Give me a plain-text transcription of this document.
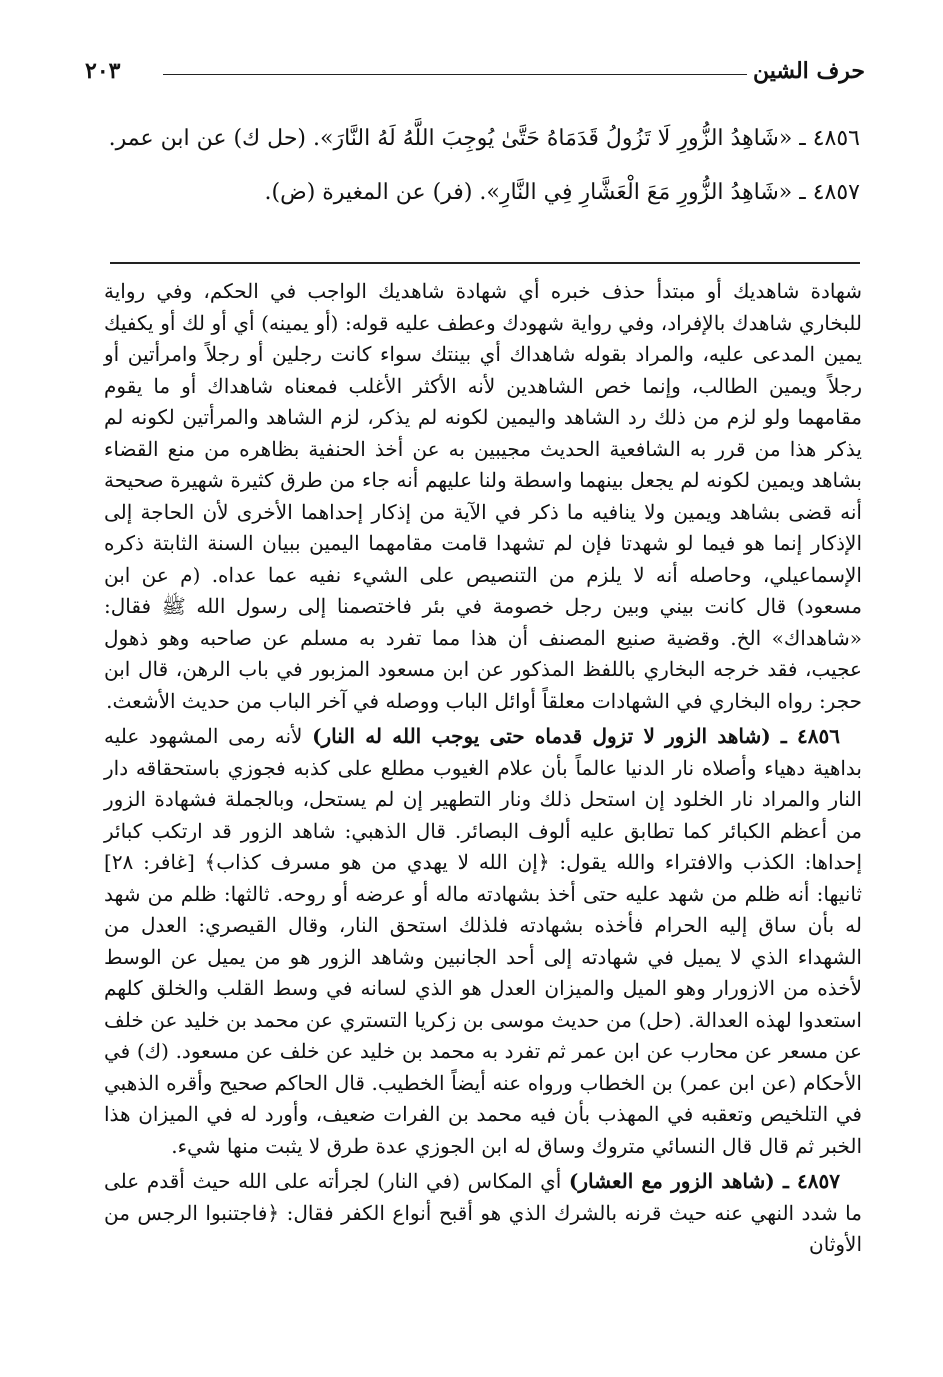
حرف الشين
٢٠٣

٤٨٥٦ ـ «شَاهِدُ الزُّورِ لَا تَزُولُ قَدَمَاهُ حَتَّىٰ يُوجِبَ اللَّهُ لَهُ النَّارَ». (حل ك) عن ابن عمر.

٤٨٥٧ ـ «شَاهِدُ الزُّورِ مَعَ الْعَشَّارِ فِي النَّارِ». (فر) عن المغيرة (ض).

شهادة شاهديك أو مبتدأ حذف خبره أي شهادة شاهديك الواجب في الحكم، وفي رواية للبخاري شاهدك بالإفراد، وفي رواية شهودك وعطف عليه قوله: (أو يمينه) أي أو لك أو يكفيك يمين المدعى عليه، والمراد بقوله شاهداك أي بينتك سواء كانت رجلين أو رجلاً وامرأتين أو رجلاً ويمين الطالب، وإنما خص الشاهدين لأنه الأكثر الأغلب فمعناه شاهداك أو ما يقوم مقامهما ولو لزم من ذلك رد الشاهد واليمين لكونه لم يذكر، لزم الشاهد والمرأتين لكونه لم يذكر هذا من قرر به الشافعية الحديث مجيبين به عن أخذ الحنفية بظاهره من منع القضاء بشاهد ويمين لكونه لم يجعل بينهما واسطة ولنا عليهم أنه جاء من طرق كثيرة شهيرة صحيحة أنه قضى بشاهد ويمين ولا ينافيه ما ذكر في الآية من إذكار إحداهما الأخرى لأن الحاجة إلى الإذكار إنما هو فيما لو شهدتا فإن لم تشهدا قامت مقامهما اليمين ببيان السنة الثابتة ذكره الإسماعيلي، وحاصله أنه لا يلزم من التنصيص على الشيء نفيه عما عداه. (م عن ابن مسعود) قال كانت بيني وبين رجل خصومة في بئر فاختصمنا إلى رسول الله ﷺ فقال: «شاهداك» الخ. وقضية صنيع المصنف أن هذا مما تفرد به مسلم عن صاحبه وهو ذهول عجيب، فقد خرجه البخاري باللفظ المذكور عن ابن مسعود المزبور في باب الرهن، قال ابن حجر: رواه البخاري في الشهادات معلقاً أوائل الباب ووصله في آخر الباب من حديث الأشعث.

٤٨٥٦ ـ (شاهد الزور لا تزول قدماه حتى يوجب الله له النار) لأنه رمى المشهود عليه بداهية دهياء وأصلاه نار الدنيا عالماً بأن علام الغيوب مطلع على كذبه فجوزي باستحقاقه دار النار والمراد نار الخلود إن استحل ذلك ونار التطهير إن لم يستحل، وبالجملة فشهادة الزور من أعظم الكبائر كما تطابق عليه ألوف البصائر. قال الذهبي: شاهد الزور قد ارتكب كبائر إحداها: الكذب والافتراء والله يقول: ﴿إن الله لا يهدي من هو مسرف كذاب﴾ [غافر: ٢٨] ثانيها: أنه ظلم من شهد عليه حتى أخذ بشهادته ماله أو عرضه أو روحه. ثالثها: ظلم من شهد له بأن ساق إليه الحرام فأخذه بشهادته فلذلك استحق النار، وقال القيصري: العدل من الشهداء الذي لا يميل في شهادته إلى أحد الجانبين وشاهد الزور هو من يميل عن الوسط لأخذه من الازورار وهو الميل والميزان العدل هو الذي لسانه في وسط القلب والخلق كلهم استعدوا لهذه العدالة. (حل) من حديث موسى بن زكريا التستري عن محمد بن خليد عن خلف عن مسعر عن محارب عن ابن عمر ثم تفرد به محمد بن خليد عن خلف عن مسعود. (ك) في الأحكام (عن ابن عمر) بن الخطاب ورواه عنه أيضاً الخطيب. قال الحاكم صحيح وأقره الذهبي في التلخيص وتعقبه في المهذب بأن فيه محمد بن الفرات ضعيف، وأورد له في الميزان هذا الخبر ثم قال قال النسائي متروك وساق له ابن الجوزي عدة طرق لا يثبت منها شيء.

٤٨٥٧ ـ (شاهد الزور مع العشار) أي المكاس (في النار) لجرأته على الله حيث أقدم على ما شدد النهي عنه حيث قرنه بالشرك الذي هو أقبح أنواع الكفر فقال: ﴿فاجتنبوا الرجس من الأوثان
